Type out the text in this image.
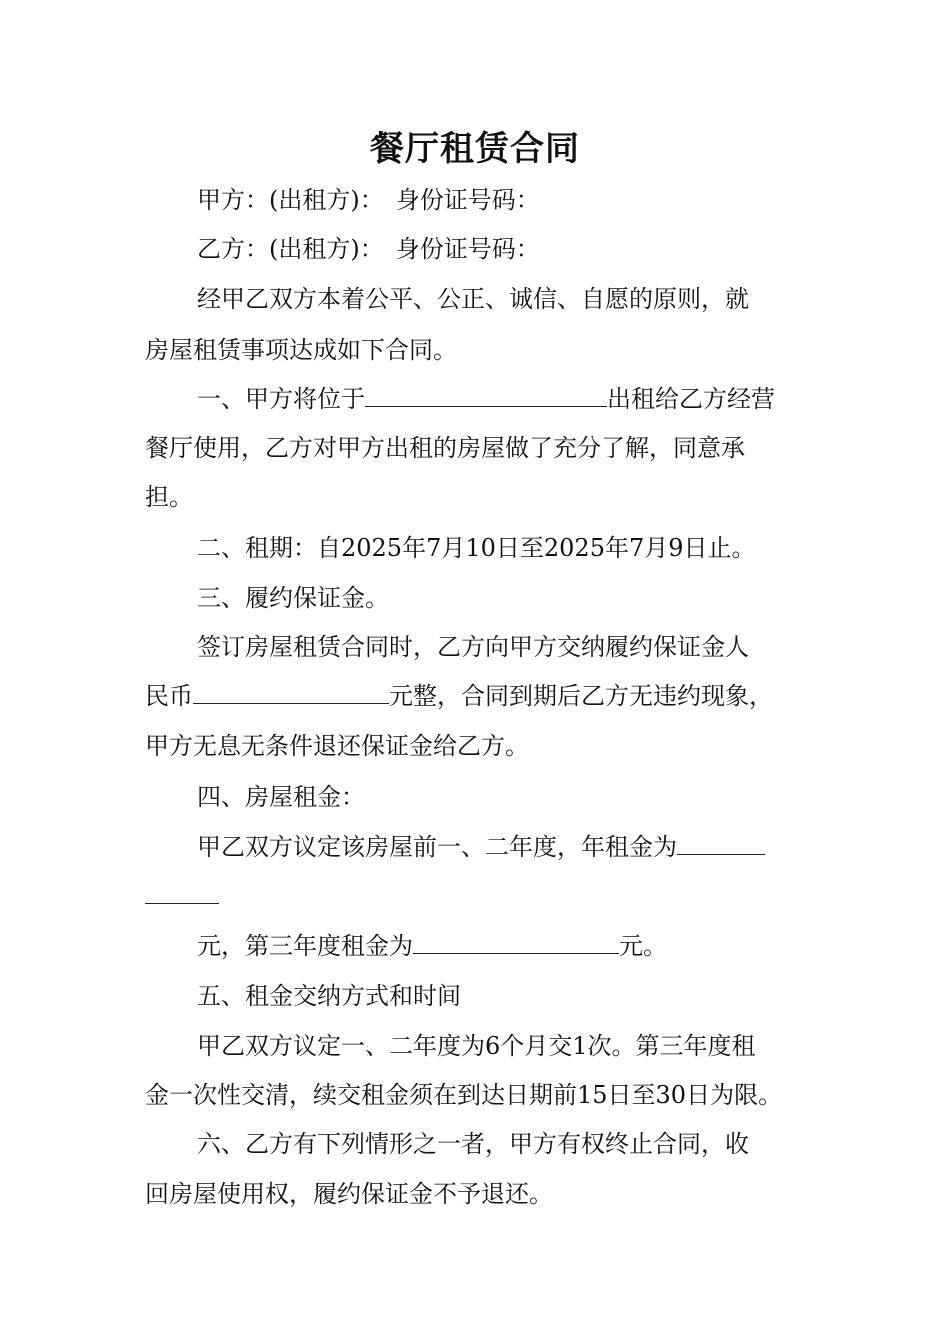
餐厅租赁合同
甲方：(出租方)：　身份证号码：
乙方：(出租方)：　身份证号码：
经甲乙双方本着公平、公正、诚信、自愿的原则，就
房屋租赁事项达成如下合同。
一、甲方将位于	出租给乙方经营
餐厅使用，乙方对甲方出租的房屋做了充分了解，同意承
担。
二、租期：自2025年7月10日至2025年7月9日止。
三、履约保证金。
签订房屋租赁合同时，乙方向甲方交纳履约保证金人
民币	元整，合同到期后乙方无违约现象，
甲方无息无条件退还保证金给乙方。
四、房屋租金：
甲乙双方议定该房屋前一、二年度，年租金为
元，第三年度租金为	元。
五、租金交纳方式和时间
甲乙双方议定一、二年度为6个月交1次。第三年度租
金一次性交清，续交租金须在到达日期前15日至30日为限。
六、乙方有下列情形之一者，甲方有权终止合同，收
回房屋使用权，履约保证金不予退还。
